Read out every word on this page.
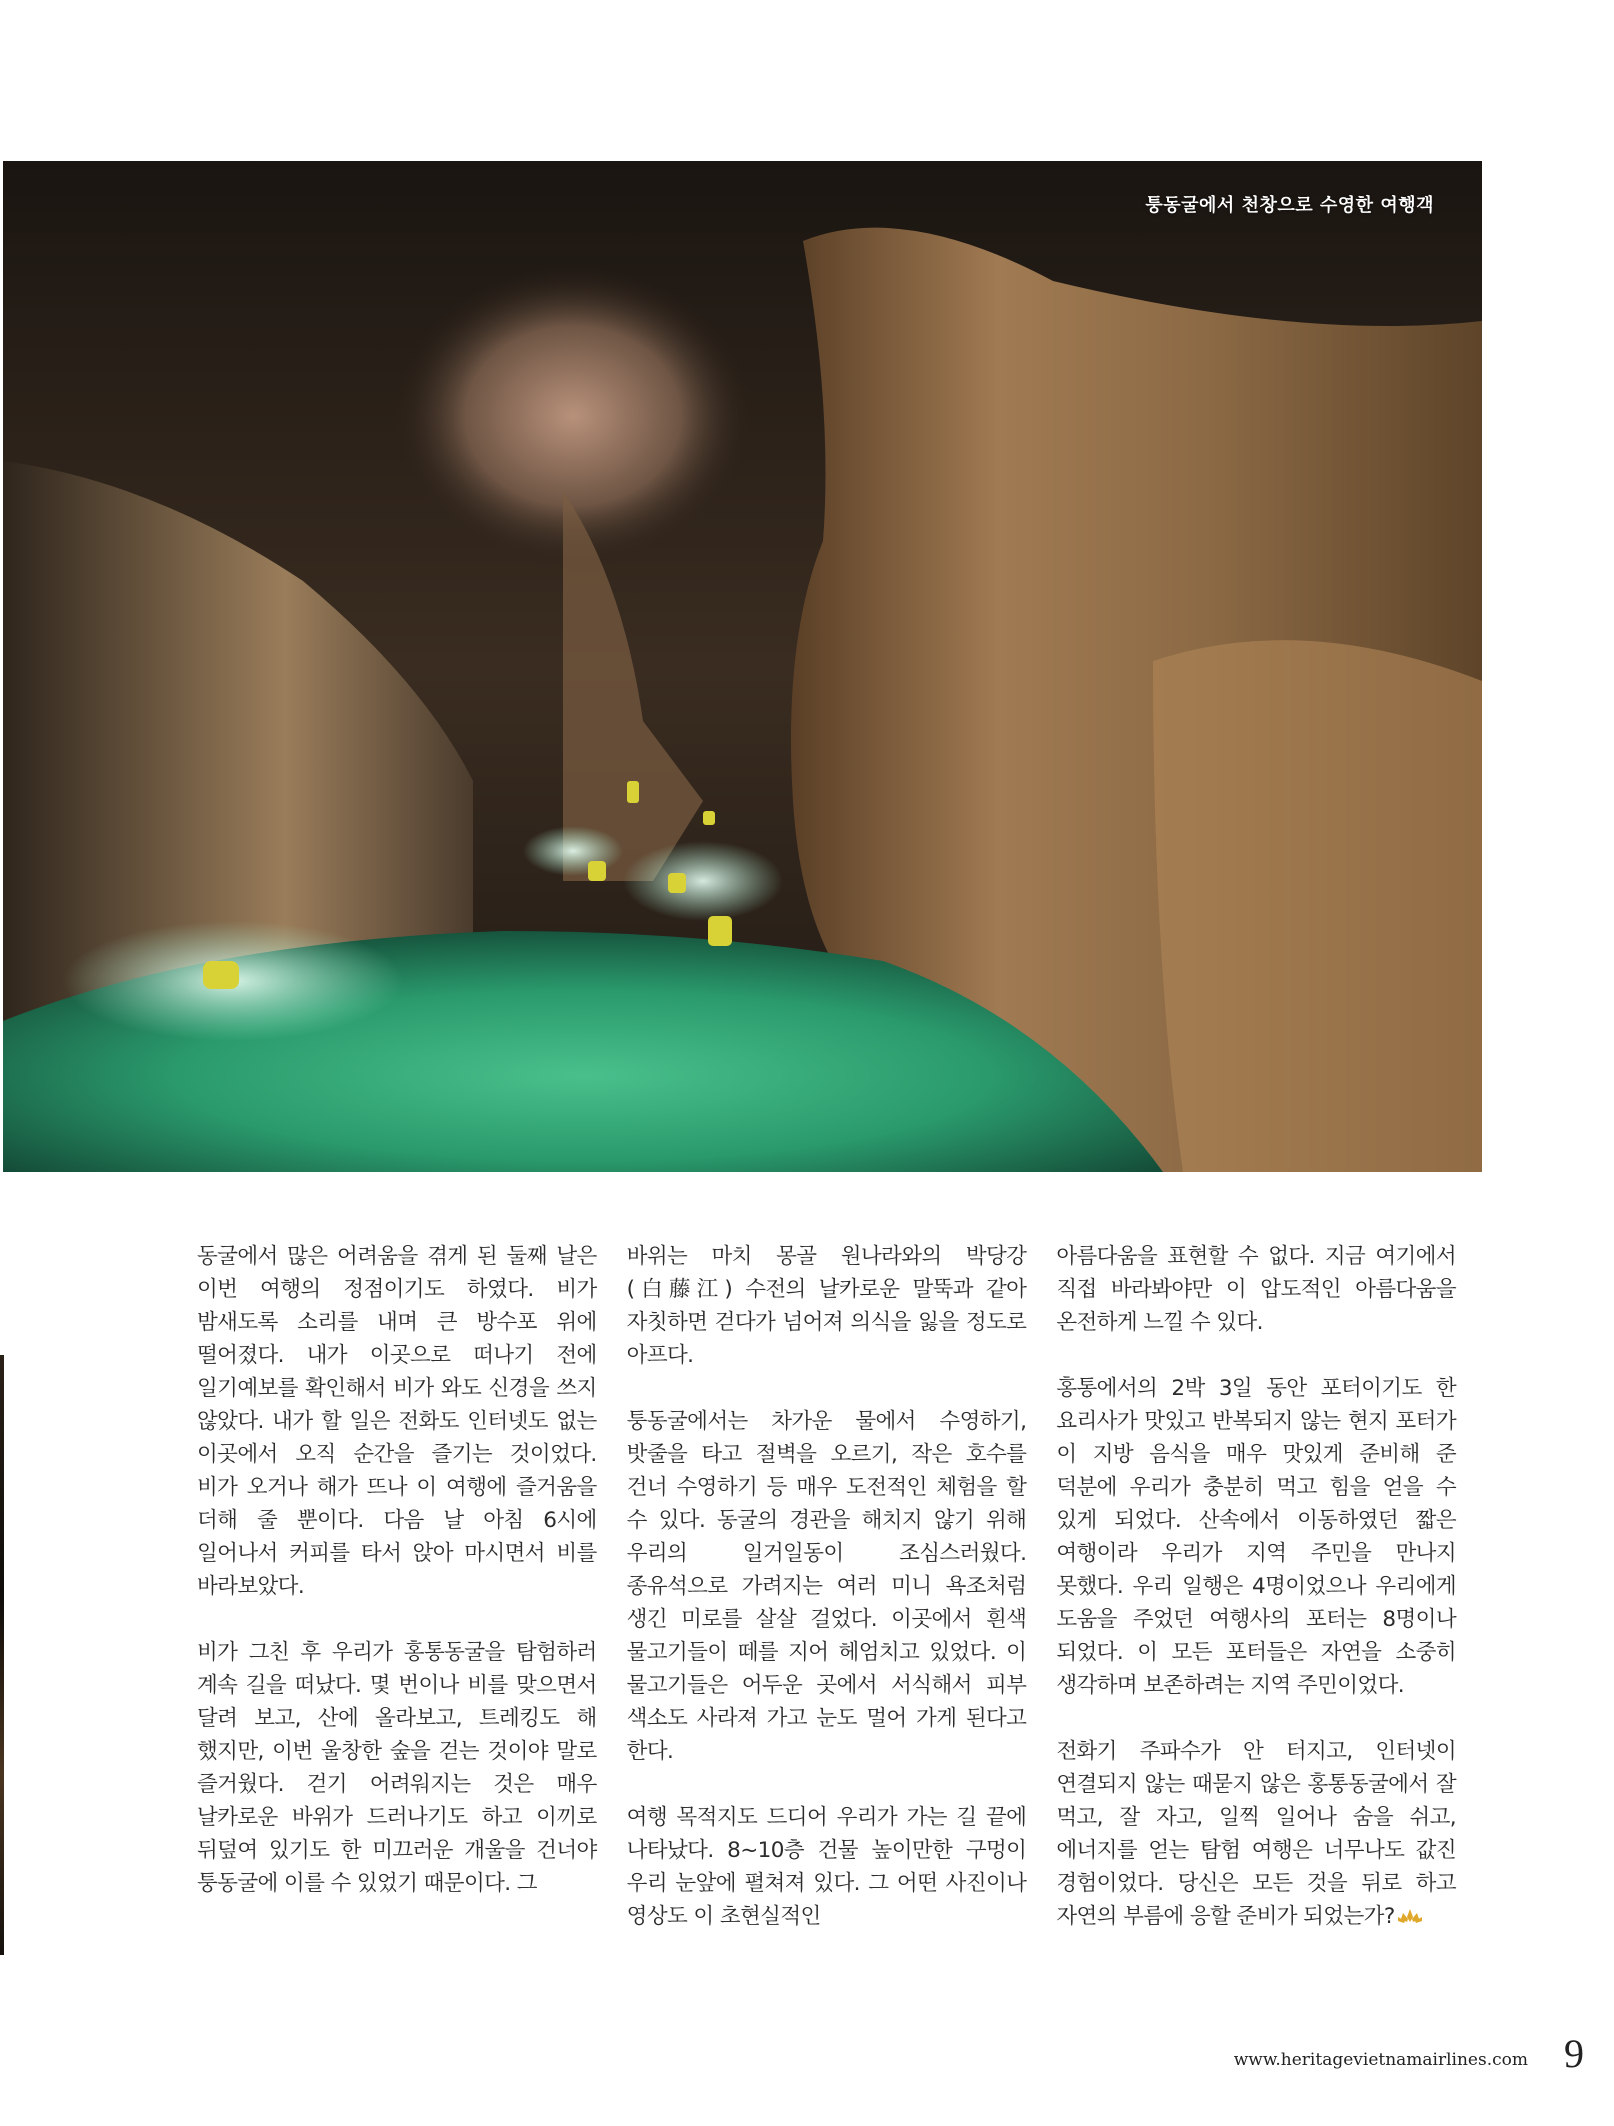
퉁동굴에서 천창으로 수영한 여행객

동굴에서 많은 어려움을 겪게 된 둘째 날은 이번 여행의 정점이기도 하였다. 비가 밤새도록 소리를 내며 큰 방수포 위에 떨어졌다. 내가 이곳으로 떠나기 전에 일기예보를 확인해서 비가 와도 신경을 쓰지 않았다. 내가 할 일은 전화도 인터넷도 없는 이곳에서 오직 순간을 즐기는 것이었다. 비가 오거나 해가 뜨나 이 여행에 즐거움을 더해 줄 뿐이다. 다음 날 아침 6시에 일어나서 커피를 타서 앉아 마시면서 비를 바라보았다.

비가 그친 후 우리가 홍통동굴을 탐험하러 계속 길을 떠났다. 몇 번이나 비를 맞으면서 달려 보고, 산에 올라보고, 트레킹도 해 했지만, 이번 울창한 숲을 걷는 것이야 말로 즐거웠다. 걷기 어려워지는 것은 매우 날카로운 바위가 드러나기도 하고 이끼로 뒤덮여 있기도 한 미끄러운 개울을 건너야 퉁동굴에 이를 수 있었기 때문이다. 그

바위는 마치 몽골 원나라와의 박당강(白藤江) 수전의 날카로운 말뚝과 같아 자칫하면 걷다가 넘어져 의식을 잃을 정도로 아프다.

퉁동굴에서는 차가운 물에서 수영하기, 밧줄을 타고 절벽을 오르기, 작은 호수를 건너 수영하기 등 매우 도전적인 체험을 할 수 있다. 동굴의 경관을 해치지 않기 위해 우리의 일거일동이 조심스러웠다. 종유석으로 가려지는 여러 미니 욕조처럼 생긴 미로를 살살 걸었다. 이곳에서 흰색 물고기들이 떼를 지어 헤엄치고 있었다. 이 물고기들은 어두운 곳에서 서식해서 피부 색소도 사라져 가고 눈도 멀어 가게 된다고 한다.

여행 목적지도 드디어 우리가 가는 길 끝에 나타났다. 8~10층 건물 높이만한 구멍이 우리 눈앞에 펼쳐져 있다. 그 어떤 사진이나 영상도 이 초현실적인

아름다움을 표현할 수 없다. 지금 여기에서 직접 바라봐야만 이 압도적인 아름다움을 온전하게 느낄 수 있다.

홍통에서의 2박 3일 동안 포터이기도 한 요리사가 맛있고 반복되지 않는 현지 포터가 이 지방 음식을 매우 맛있게 준비해 준 덕분에 우리가 충분히 먹고 힘을 얻을 수 있게 되었다. 산속에서 이동하였던 짧은 여행이라 우리가 지역 주민을 만나지 못했다. 우리 일행은 4명이었으나 우리에게 도움을 주었던 여행사의 포터는 8명이나 되었다. 이 모든 포터들은 자연을 소중히 생각하며 보존하려는 지역 주민이었다.

전화기 주파수가 안 터지고, 인터넷이 연결되지 않는 때묻지 않은 홍통동굴에서 잘 먹고, 잘 자고, 일찍 일어나 숨을 쉬고, 에너지를 얻는 탐험 여행은 너무나도 값진 경험이었다. 당신은 모든 것을 뒤로 하고 자연의 부름에 응할 준비가 되었는가?

www.heritagevietnamairlines.com 9
